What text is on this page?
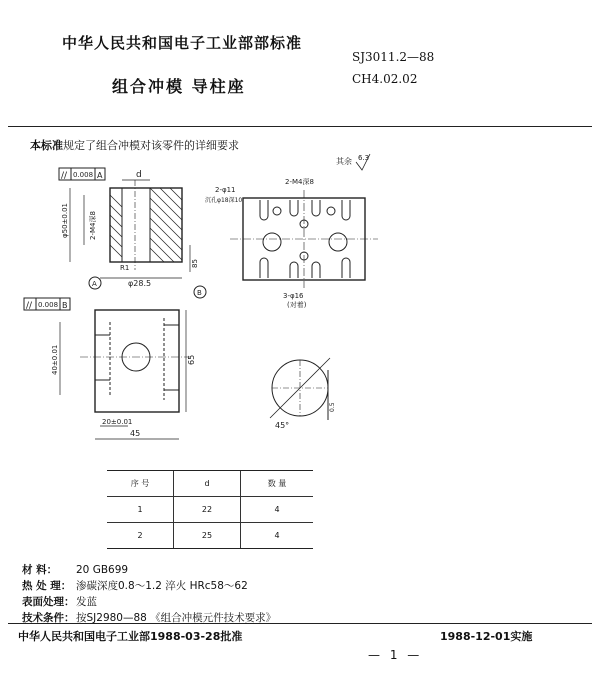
中华人民共和国电子工业部部标准
SJ3011.2—88
组合冲模 导柱座	CH4.02.02
本标准规定了组合冲模对该零件的详细要求
// 0.008 A	d
φ50±0.01	2-M4深8
φ28.5
R1	85
A
2-φ11
沉孔φ18深10
2-M4深8
其余 6.3
3-φ16
(对着)
// 0.008 B
B
40±0.01	65
20±0.01
45
45°
0.5
序 号	d	数 量
1	22	4
2	25	4
材 料： 20 GB699
热 处 理： 渗碳深度0.8～1.2 淬火 HRc58～62
表面处理： 发蓝
技术条件： 按SJ2980—88 《组合冲模元件技术要求》
中华人民共和国电子工业部1988-03-28批准	1988-12-01实施
— 1 —
